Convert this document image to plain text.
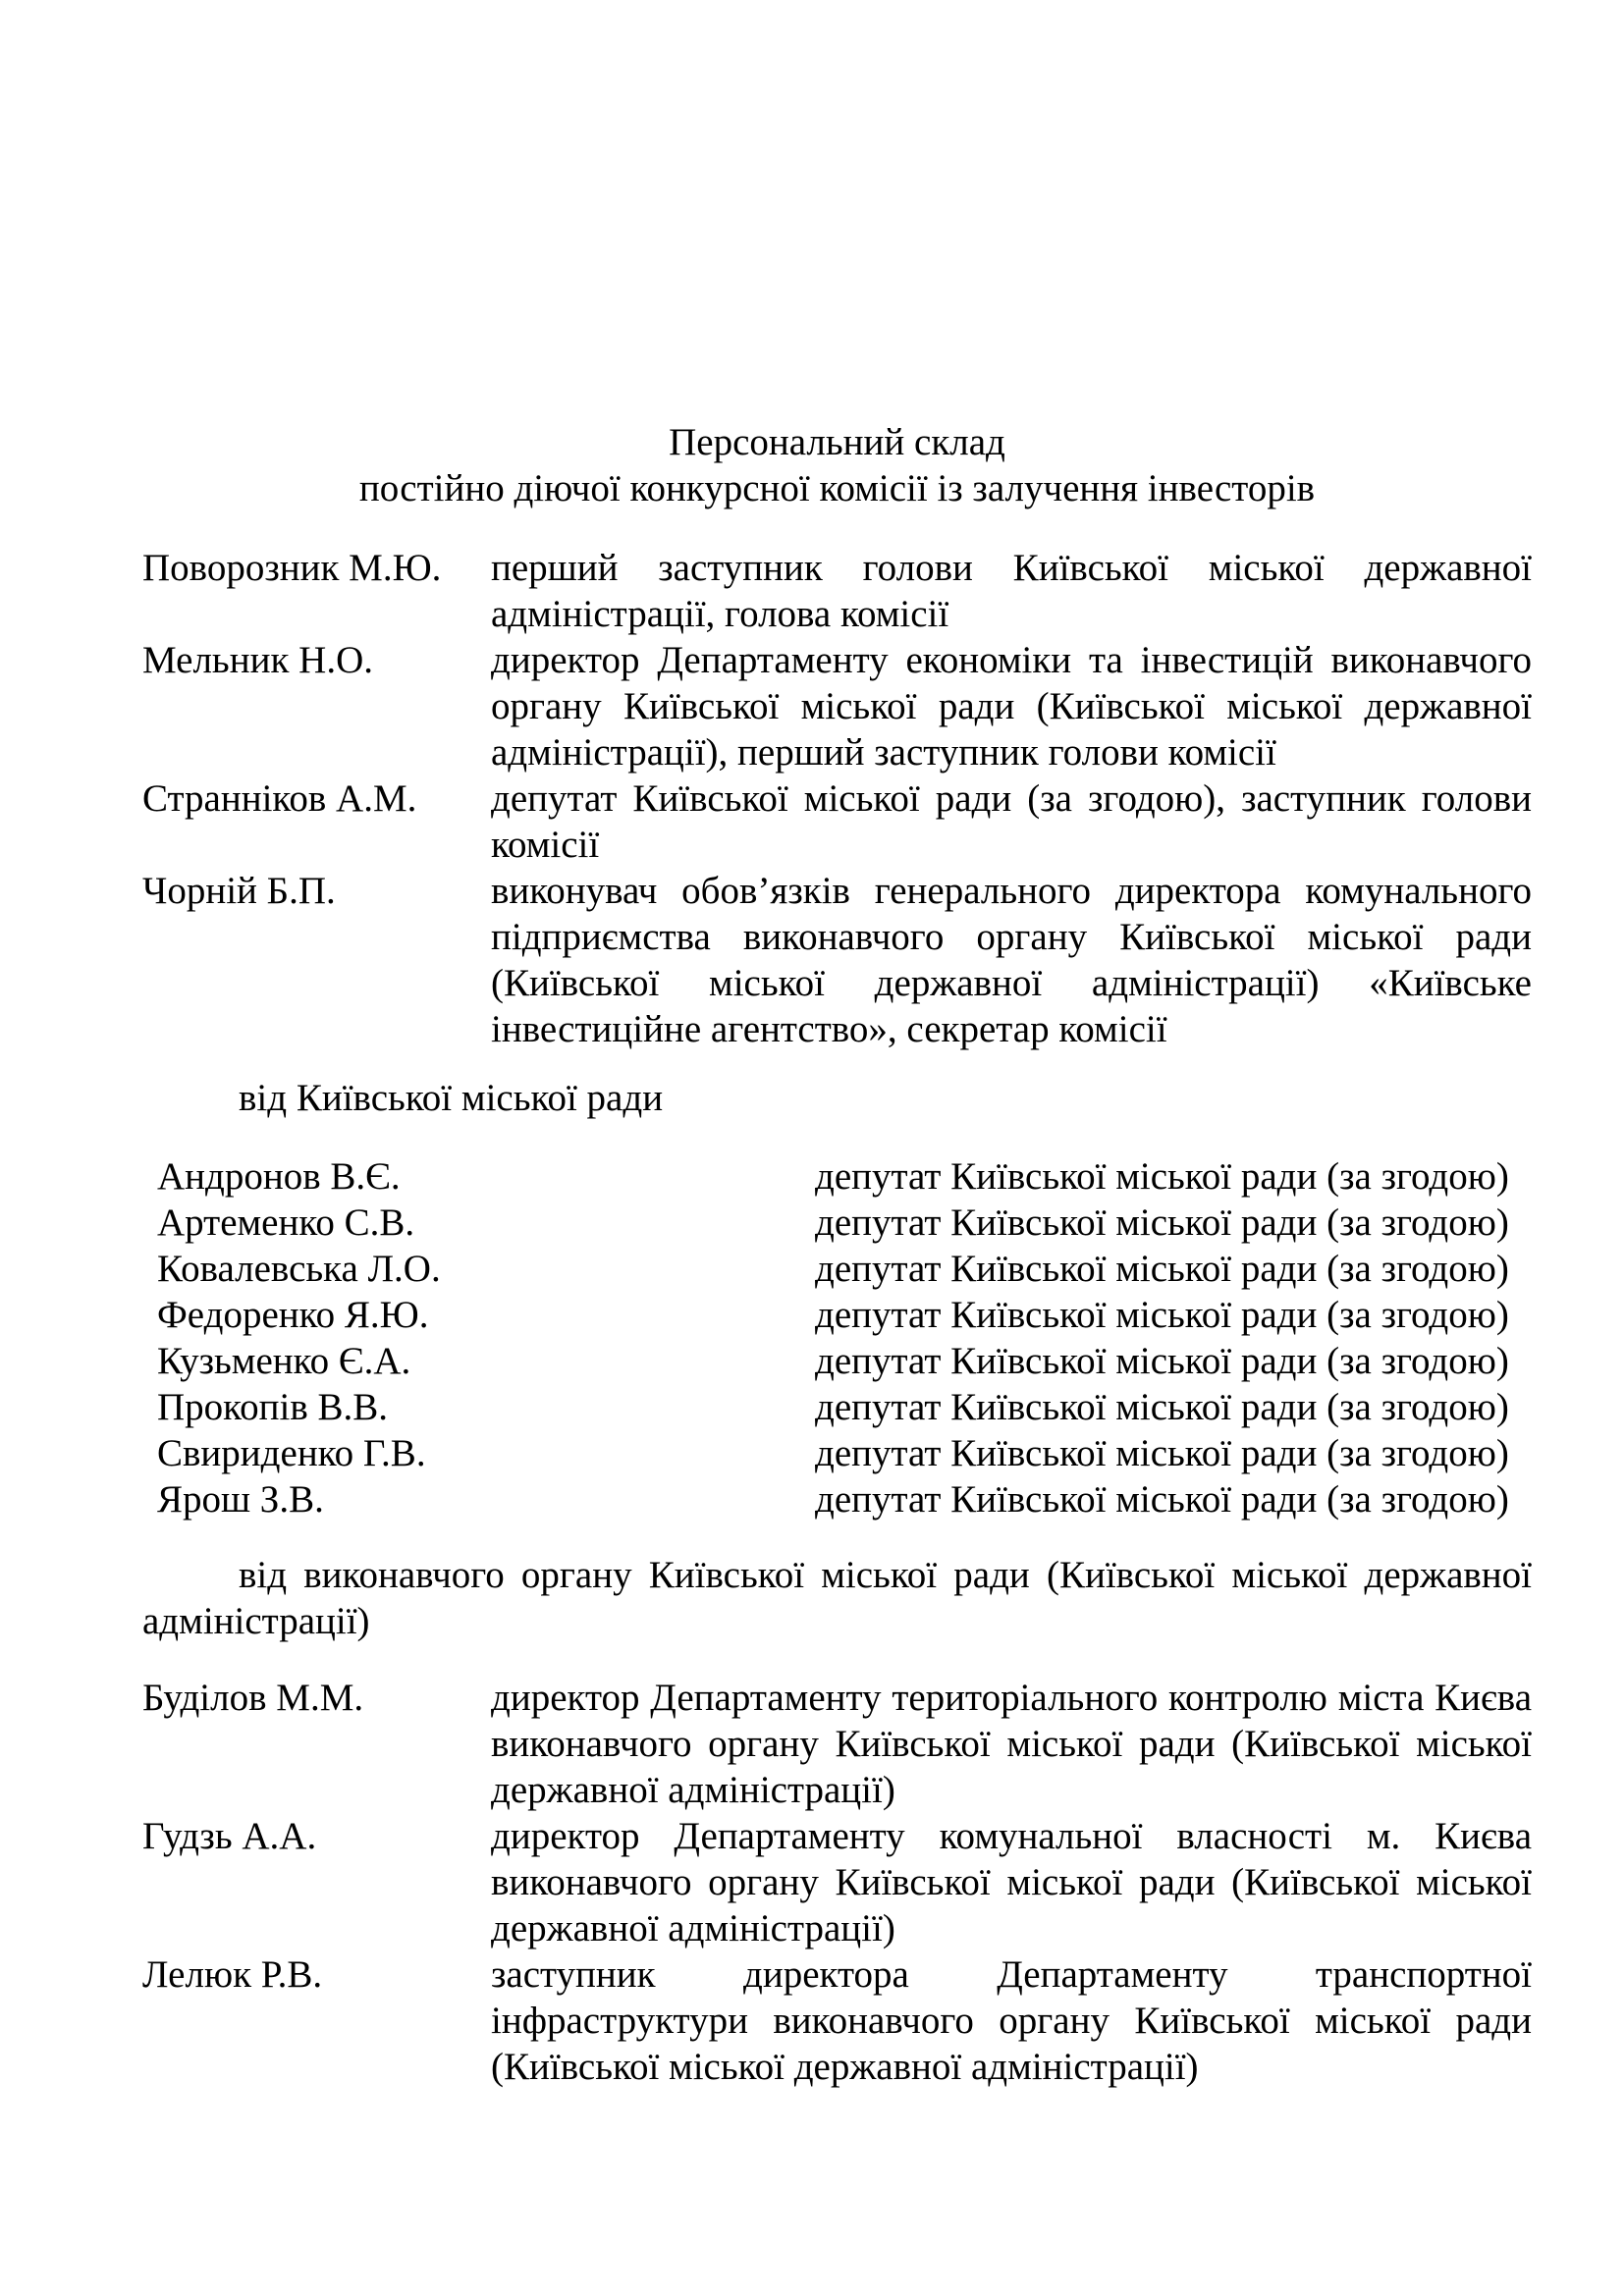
Персональний склад
постійно діючої конкурсної комісії із залучення інвесторів
Поворозник М.Ю.	перший заступник голови Київської міської державної адміністрації, голова комісії
Мельник Н.О.	директор Департаменту економіки та інвестицій виконавчого органу Київської міської ради (Київської міської державної адміністрації), перший заступник голови комісії
Странніков А.М.	депутат Київської міської ради (за згодою), заступник голови комісії
Чорній Б.П.	виконувач обов’язків генерального директора комунального підприємства виконавчого органу Київської міської ради (Київської міської державної адміністрації) «Київське інвестиційне агентство», секретар комісії
від Київської міської ради
Андронов В.Є.	депутат Київської міської ради (за згодою)
Артеменко С.В.	депутат Київської міської ради (за згодою)
Ковалевська Л.О.	депутат Київської міської ради (за згодою)
Федоренко Я.Ю.	депутат Київської міської ради (за згодою)
Кузьменко Є.А.	депутат Київської міської ради (за згодою)
Прокопів В.В.	депутат Київської міської ради (за згодою)
Свириденко Г.В.	депутат Київської міської ради (за згодою)
Ярош З.В.	депутат Київської міської ради (за згодою)
від виконавчого органу Київської міської ради (Київської міської державної адміністрації)
Буділов М.М.	директор Департаменту територіального контролю міста Києва виконавчого органу Київської міської ради (Київської міської державної адміністрації)
Гудзь А.А.	директор Департаменту комунальної власності м. Києва виконавчого органу Київської міської ради (Київської міської державної адміністрації)
Лелюк Р.В.	заступник директора Департаменту транспортної інфраструктури виконавчого органу Київської міської ради (Київської міської державної адміністрації)
